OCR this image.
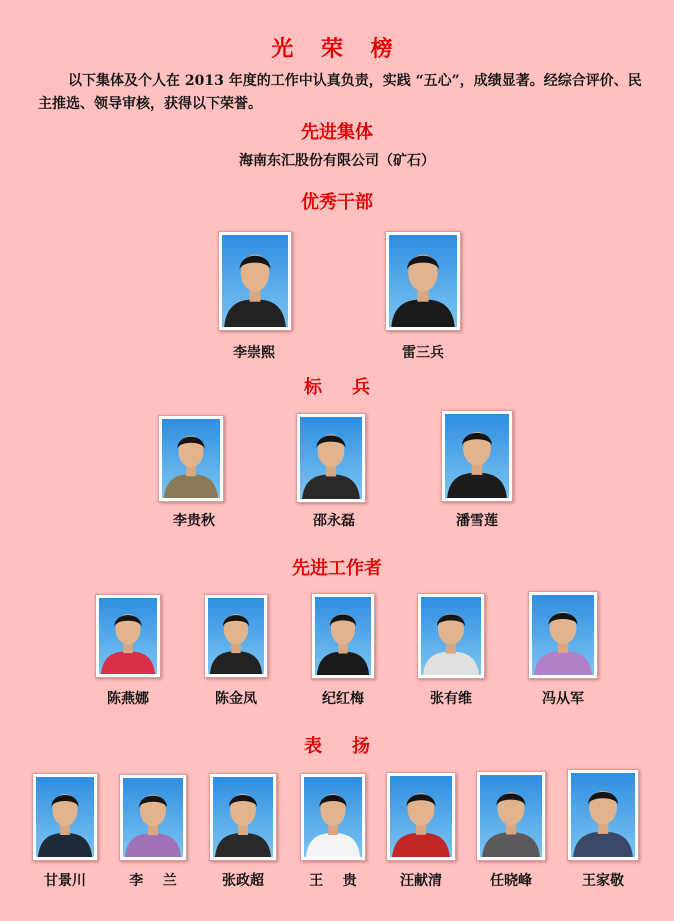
光 荣 榜
以下集体及个人在 2013 年度的工作中认真负责，实践 “五心”，成绩显著。经综合评价、民主推选、领导审核，获得以下荣誉。
先进集体
海南东汇股份有限公司（矿石）
优秀干部
李崇熙	雷三兵
标兵
李贵秋	邵永磊	潘雪莲
先进工作者
陈燕娜	陈金凤	纪红梅	张有维	冯从军
表扬
甘景川	李    兰	张政超	王    贵	汪献清	任晓峰	王家敬
